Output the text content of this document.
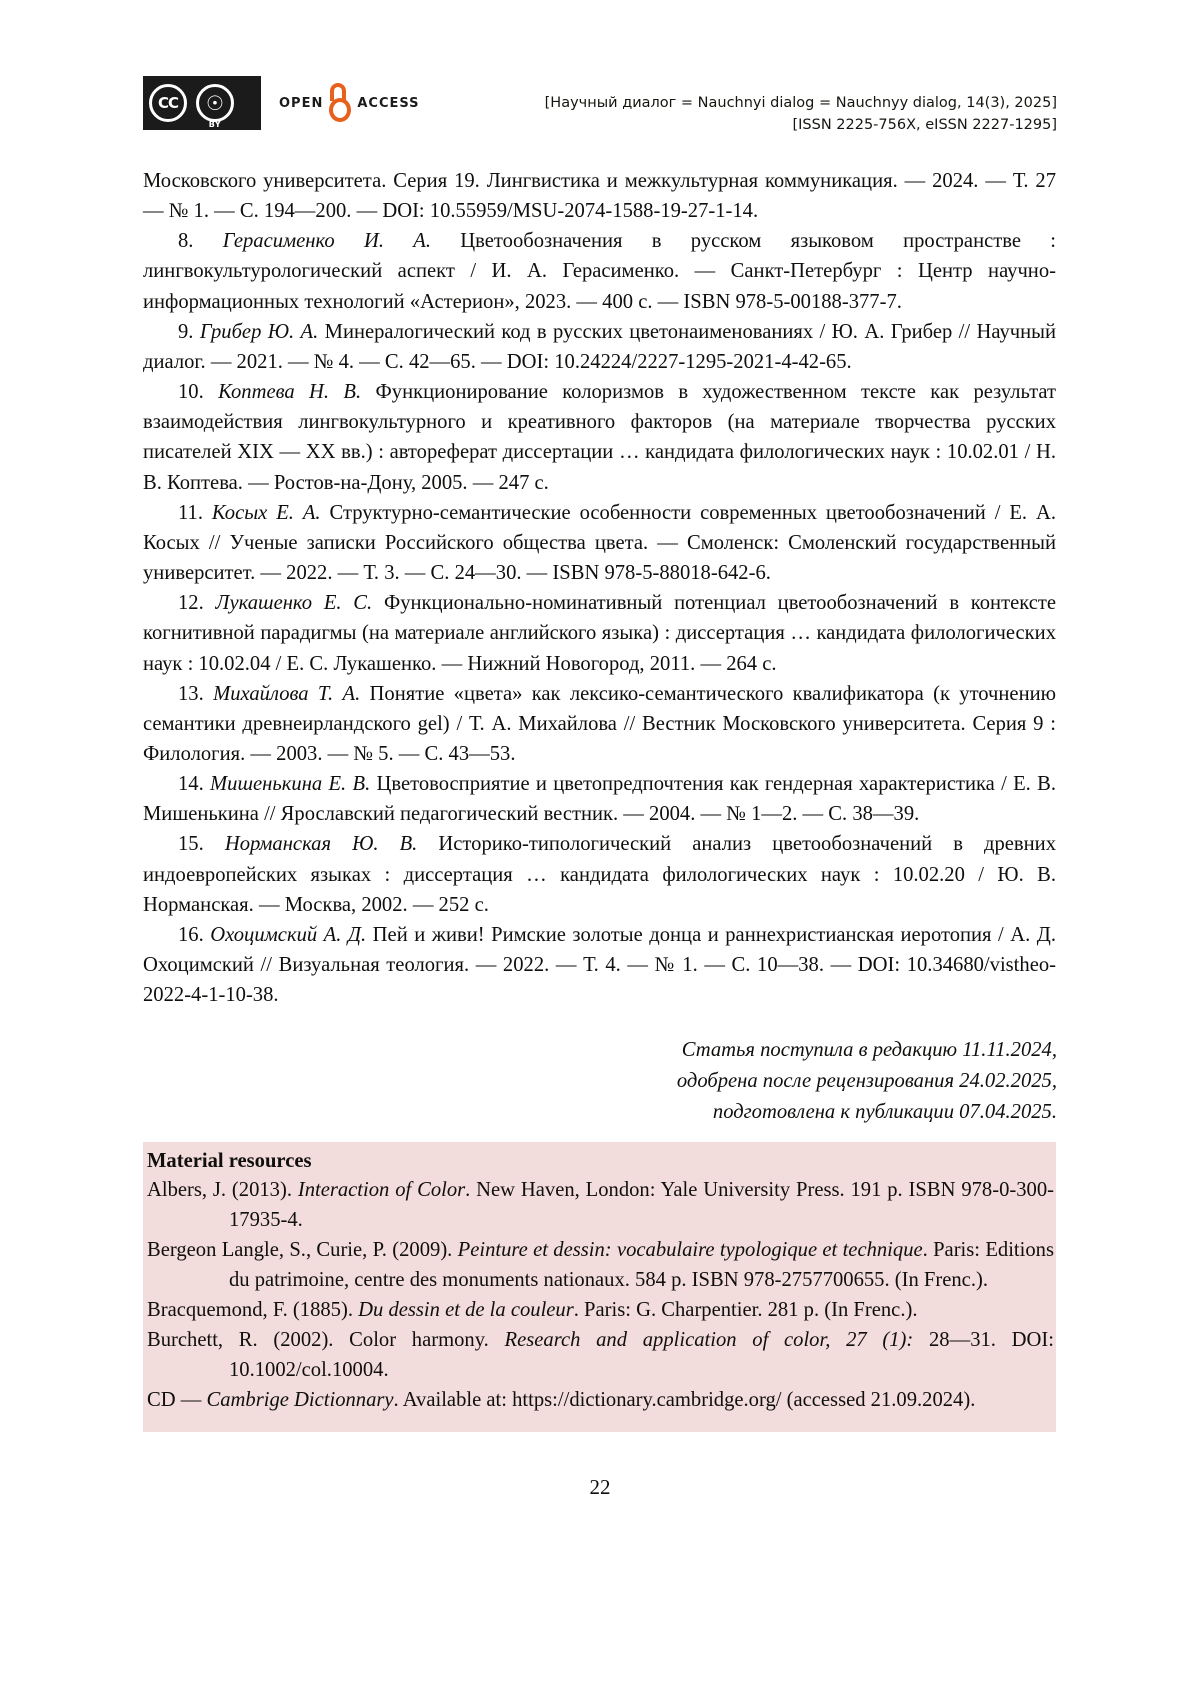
CC	☉
BY
OPEN	ACCESS	[Научный диалог = Nauchnyi dialog = Nauchnyy dialog, 14(3), 2025]
[ISSN 2225-756X, eISSN 2227-1295]

Московского университета. Серия 19. Лингвистика и межкультурная коммуникация. — 2024. — Т. 27 — № 1. — С. 194—200. — DOI: 10.55959/MSU-2074-1588-19-27-1-14.

8. Герасименко И. А. Цветообозначения в русском языковом пространстве : лингвокультурологический аспект / И. А. Герасименко. — Санкт-Петербург : Центр научно-информационных технологий «Астерион», 2023. — 400 с. — ISBN 978-5-00188-377-7.

9. Грибер Ю. А. Минералогический код в русских цветонаименованиях / Ю. А. Грибер // Научный диалог. — 2021. — № 4. — С. 42—65. — DOI: 10.24224/2227-1295-2021-4-42-65.

10. Коптева Н. В. Функционирование колоризмов в художественном тексте как результат взаимодействия лингвокультурного и креативного факторов (на материале творчества русских писателей XIX — XX вв.) : автореферат диссертации … кандидата филологических наук : 10.02.01 / Н. В. Коптева. — Ростов-на-Дону, 2005. — 247 с.

11. Косых Е. А. Структурно-семантические особенности современных цветообозначений / Е. А. Косых // Ученые записки Российского общества цвета. — Смоленск: Смоленский государственный университет. — 2022. — Т. 3. — С. 24—30. — ISBN 978-5-88018-642-6.

12. Лукашенко Е. С. Функционально-номинативный потенциал цветообозначений в контексте когнитивной парадигмы (на материале английского языка) : диссертация … кандидата филологических наук : 10.02.04 / Е. С. Лукашенко. — Нижний Новогород, 2011. — 264 с.

13. Михайлова Т. А. Понятие «цвета» как лексико-семантического квалификатора (к уточнению семантики древнеирландского gel) / Т. А. Михайлова // Вестник Московского университета. Серия 9 : Филология. — 2003. — № 5. — С. 43—53.

14. Мишенькина Е. В. Цветовосприятие и цветопредпочтения как гендерная характеристика / Е. В. Мишенькина // Ярославский педагогический вестник. — 2004. — № 1—2. — С. 38—39.

15. Норманская Ю. В. Историко-типологический анализ цветообозначений в древних индоевропейских языках : диссертация … кандидата филологических наук : 10.02.20 / Ю. В. Норманская. — Москва, 2002. — 252 с.

16. Охоцимский А. Д. Пей и живи! Римские золотые донца и раннехристианская иеротопия / А. Д. Охоцимский // Визуальная теология. — 2022. — Т. 4. — № 1. — С. 10—38. — DOI: 10.34680/vistheo-2022-4-1-10-38.

Статья поступила в редакцию 11.11.2024,
одобрена после рецензирования 24.02.2025,
подготовлена к публикации 07.04.2025.
Material resources

Albers, J. (2013). Interaction of Color. New Haven, London: Yale University Press. 191 p. ISBN 978-0-300-17935-4.

Bergeon Langle, S., Curie, P. (2009). Peinture et dessin: vocabulaire typologique et technique. Paris: Editions du patrimoine, centre des monuments nationaux. 584 p. ISBN 978-2757700655. (In Frenc.).

Bracquemond, F. (1885). Du dessin et de la couleur. Paris: G. Charpentier. 281 p. (In Frenc.).

Burchett, R. (2002). Color harmony. Research and application of color, 27 (1): 28—31. DOI: 10.1002/col.10004.

CD — Cambrige Dictionnary. Available at: https://dictionary.cambridge.org/ (accessed 21.09.2024).

22
